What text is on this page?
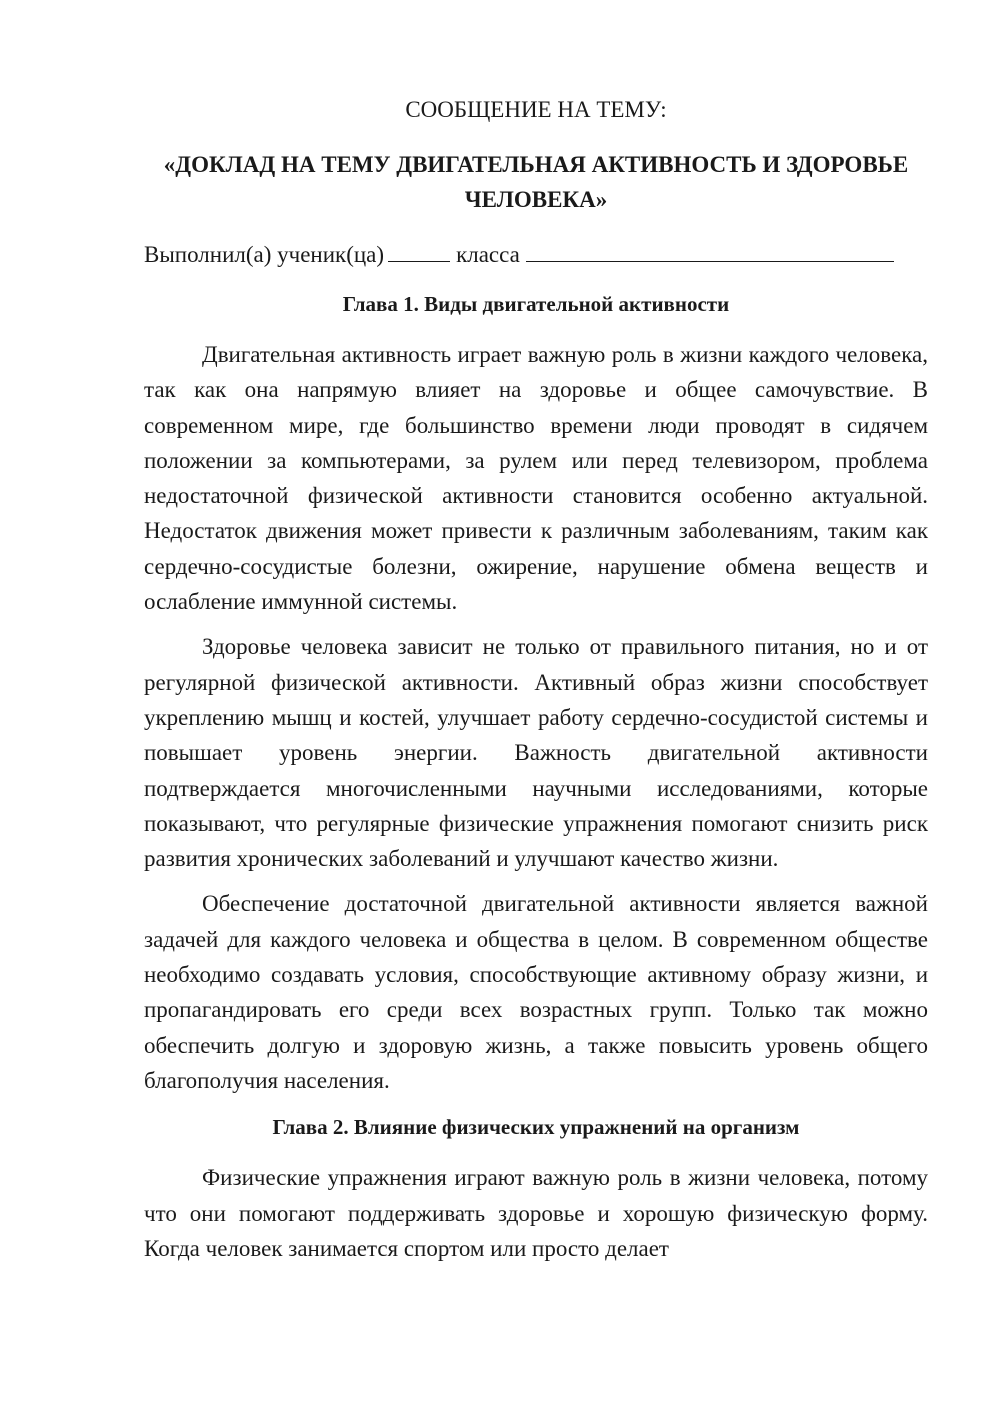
СООБЩЕНИЕ НА ТЕМУ:
«ДОКЛАД НА ТЕМУ ДВИГАТЕЛЬНАЯ АКТИВНОСТЬ И ЗДОРОВЬЕ ЧЕЛОВЕКА»
Выполнил(а) ученик(ца)	класса
Глава 1. Виды двигательной активности

Двигательная активность играет важную роль в жизни каждого человека, так как она напрямую влияет на здоровье и общее самочувствие. В современном мире, где большинство времени люди проводят в сидячем положении за компьютерами, за рулем или перед телевизором, проблема недостаточной физической активности становится особенно актуальной. Недостаток движения может привести к различным заболеваниям, таким как сердечно-сосудистые болезни, ожирение, нарушение обмена веществ и ослабление иммунной системы.

Здоровье человека зависит не только от правильного питания, но и от регулярной физической активности. Активный образ жизни способствует укреплению мышц и костей, улучшает работу сердечно-сосудистой системы и повышает уровень энергии. Важность двигательной активности подтверждается многочисленными научными исследованиями, которые показывают, что регулярные физические упражнения помогают снизить риск развития хронических заболеваний и улучшают качество жизни.

Обеспечение достаточной двигательной активности является важной задачей для каждого человека и общества в целом. В современном обществе необходимо создавать условия, способствующие активному образу жизни, и пропагандировать его среди всех возрастных групп. Только так можно обеспечить долгую и здоровую жизнь, а также повысить уровень общего благополучия населения.

Глава 2. Влияние физических упражнений на организм

Физические упражнения играют важную роль в жизни человека, потому что они помогают поддерживать здоровье и хорошую физическую форму. Когда человек занимается спортом или просто делает
